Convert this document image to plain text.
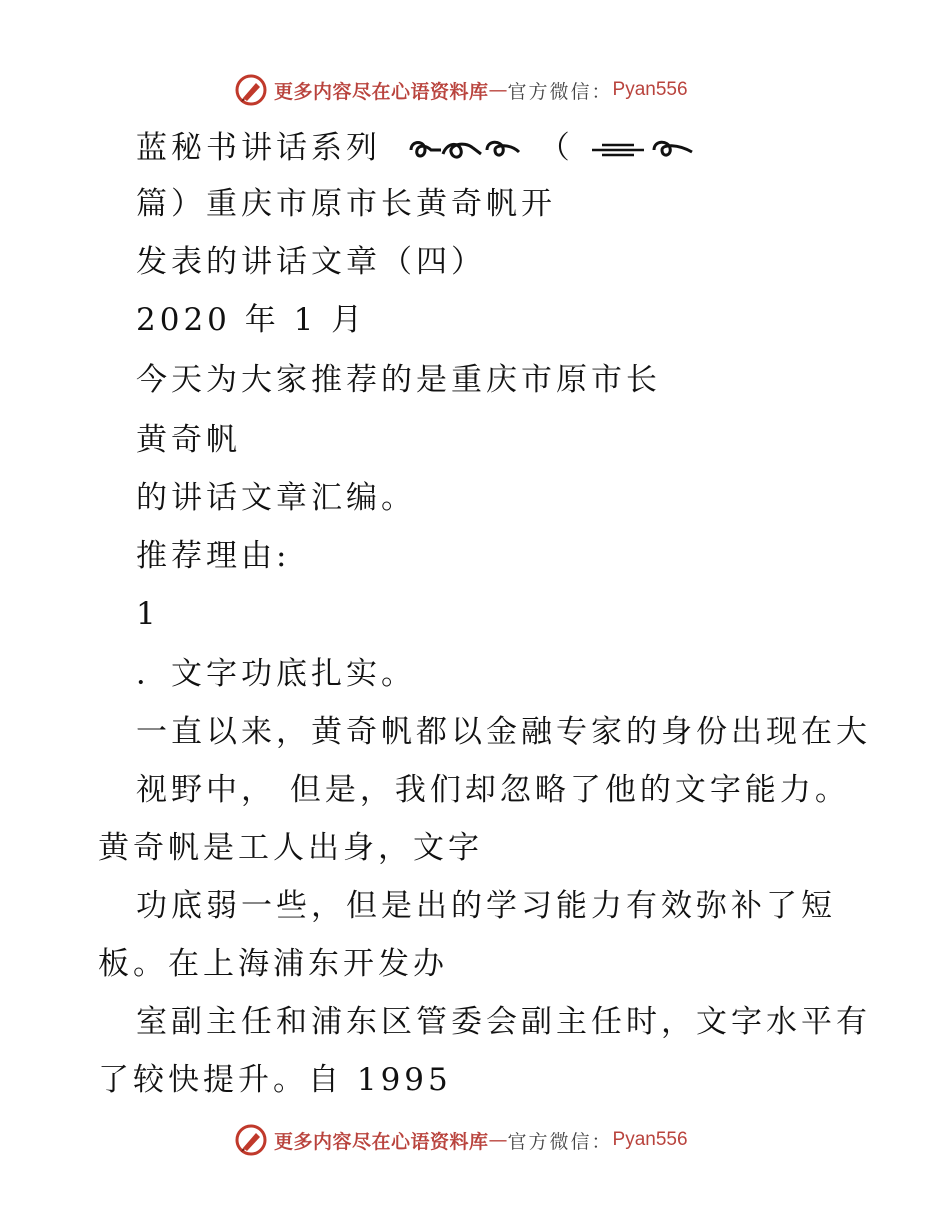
更多内容尽在心语资料库 — 官方微信： Pyan556
蓝秘书讲话系列	（
篇）重庆市原市长黄奇帆开
发表的讲话文章（四）
2020 年 1 月
今天为大家推荐的是重庆市原市长
黄奇帆
的讲话文章汇编。
推荐理由:
1
．文字功底扎实。
一直以来，黄奇帆都以金融专家的身份出现在大
视野中， 但是，我们却忽略了他的文字能力。
黄奇帆是工人出身，文字
功底弱一些，但是出的学习能力有效弥补了短
板。在上海浦东开发办
室副主任和浦东区管委会副主任时，文字水平有
了较快提升。自 1995
更多内容尽在心语资料库 — 官方微信： Pyan556
